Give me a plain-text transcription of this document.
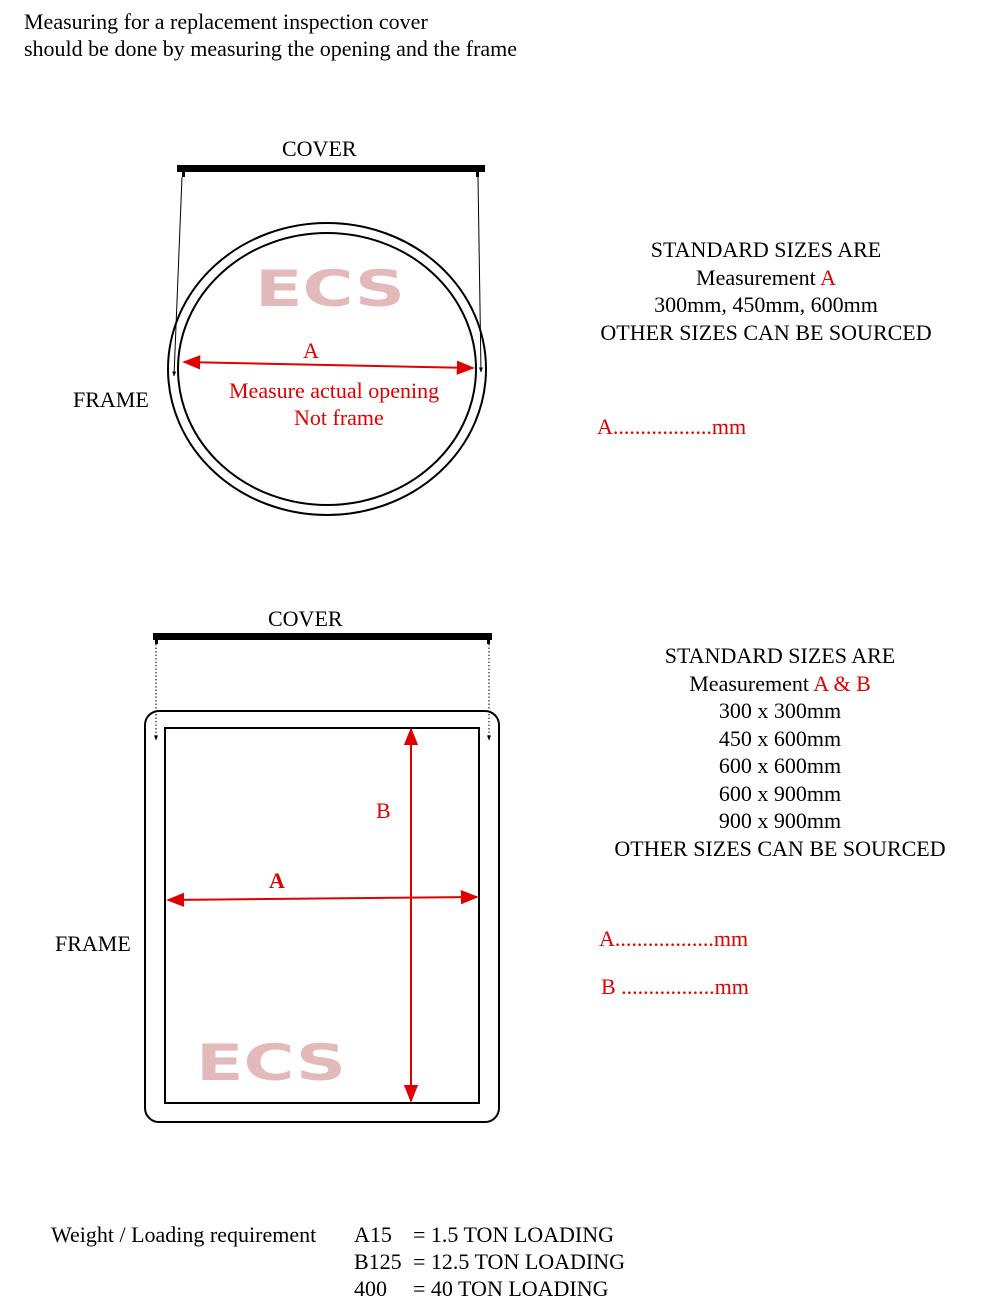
Measuring for a replacement inspection cover
should be done by measuring the opening and the frame
ECS
ECS
COVER
FRAME
A
Measure actual opening
Not frame
STANDARD SIZES ARE
Measurement A
300mm, 450mm, 600mm
OTHER SIZES CAN BE SOURCED
A..................mm
COVER
FRAME
A
B
STANDARD SIZES ARE
Measurement A & B
300 x 300mm
450 x 600mm
600 x 600mm
600 x 900mm
900 x 900mm
OTHER SIZES CAN BE SOURCED
A..................mm
B .................mm
Weight / Loading requirement A15 = 1.5 TON LOADING
B125 = 12.5 TON LOADING
400 = 40 TON LOADING
